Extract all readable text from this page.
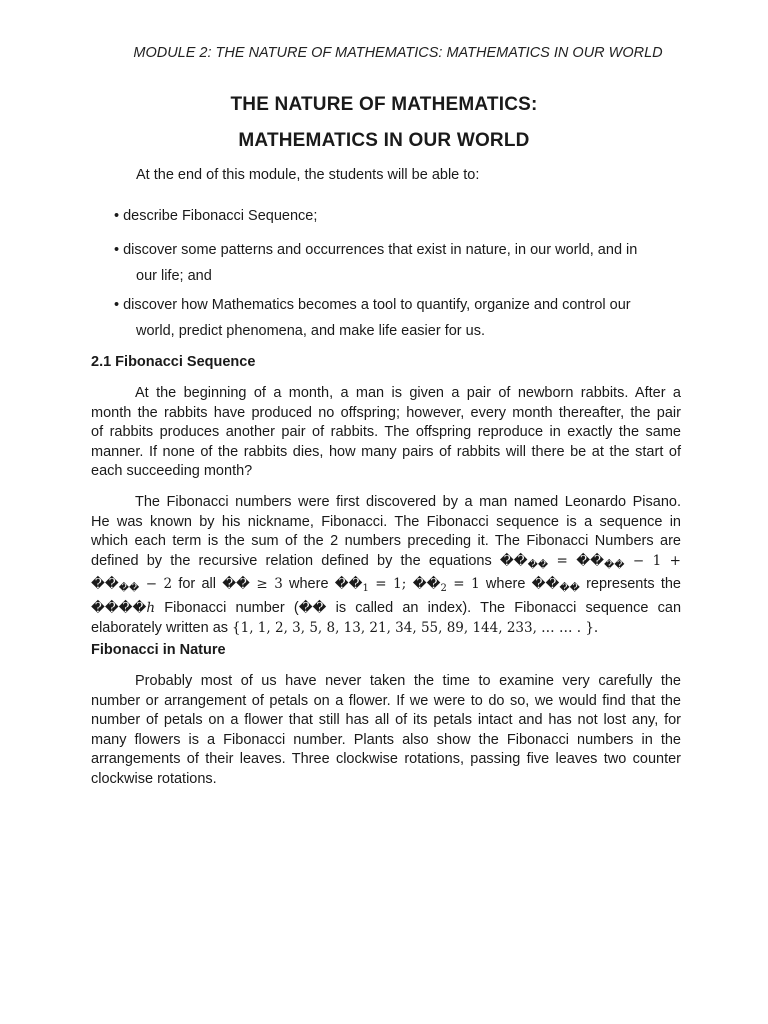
MODULE 2: THE NATURE OF MATHEMATICS: MATHEMATICS IN OUR WORLD
THE NATURE OF MATHEMATICS:
MATHEMATICS IN OUR WORLD
At the end of this module, the students will be able to:
• describe Fibonacci Sequence;
• discover some patterns and occurrences that exist in nature, in our world, and in
our life; and
• discover how Mathematics becomes a tool to quantify, organize and control our
world, predict phenomena, and make life easier for us.
2.1 Fibonacci Sequence
At the beginning of a month, a man is given a pair of newborn rabbits. After a
month the rabbits have produced no offspring; however, every month thereafter, the pair
of rabbits produces another pair of rabbits. The offspring reproduce in exactly the same
manner. If none of the rabbits dies, how many pairs of rabbits will there be at the start of
each succeeding month?
The Fibonacci numbers were first discovered by a man named Leonardo Pisano.
He was known by his nickname, Fibonacci. The Fibonacci sequence is a sequence in
which each term is the sum of the 2 numbers preceding it. The Fibonacci Numbers are
defined by the recursive relation defined by the equations $��_{��}$ = $��_{��} - 1$ +
$��_{��} - 2$ for all �� ≥ 3 where $��_1 = 1$; $��_2 = 1$ where $��_{��}$ represents the
����ℎ Fibonacci number (�� is called an index). The Fibonacci sequence can
elaborately written as {1, 1, 2, 3, 5, 8, 13, 21, 34, 55, 89, 144, 233, … … . }.
Fibonacci in Nature
Probably most of us have never taken the time to examine very carefully the
number or arrangement of petals on a flower. If we were to do so, we would find that the
number of petals on a flower that still has all of its petals intact and has not lost any, for
many flowers is a Fibonacci number. Plants also show the Fibonacci numbers in the
arrangements of their leaves. Three clockwise rotations, passing five leaves two counter
clockwise rotations.
